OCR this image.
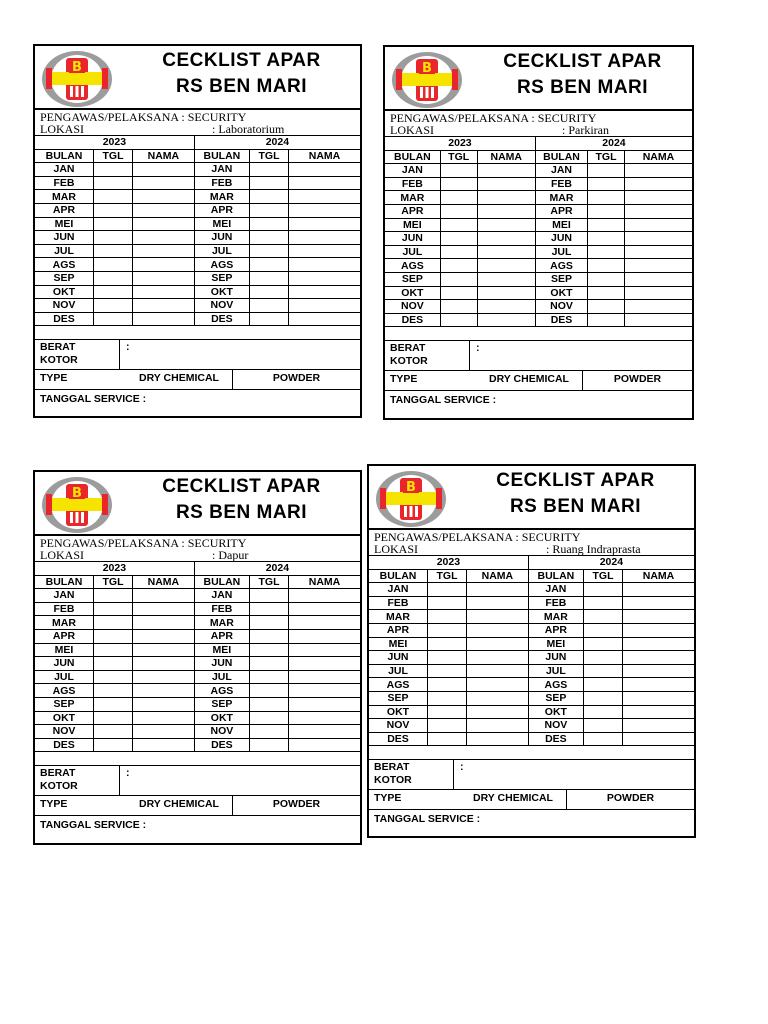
B	CECKLIST APAR
RS BEN MARI
PENGAWAS/PELAKSANA : SECURITY
LOKASI	: Laboratorium
2023			2024		
BULAN	TGL	NAMA	BULAN	TGL	NAMA
JAN			JAN		
FEB			FEB		
MAR			MAR		
APR			APR		
MEI			MEI		
JUN			JUN		
JUL			JUL		
AGS			AGS		
SEP			SEP		
OKT			OKT		
NOV			NOV		
DES			DES		

BERAT
KOTOR
:
TYPE	DRY CHEMICAL	POWDER
TANGGAL SERVICE :
B	CECKLIST APAR
RS BEN MARI
PENGAWAS/PELAKSANA : SECURITY
LOKASI	: Parkiran
2023			2024		
BULAN	TGL	NAMA	BULAN	TGL	NAMA
JAN			JAN		
FEB			FEB		
MAR			MAR		
APR			APR		
MEI			MEI		
JUN			JUN		
JUL			JUL		
AGS			AGS		
SEP			SEP		
OKT			OKT		
NOV			NOV		
DES			DES		

BERAT
KOTOR
:
TYPE	DRY CHEMICAL	POWDER
TANGGAL SERVICE :
B	CECKLIST APAR
RS BEN MARI
PENGAWAS/PELAKSANA : SECURITY
LOKASI	: Dapur
2023			2024		
BULAN	TGL	NAMA	BULAN	TGL	NAMA
JAN			JAN		
FEB			FEB		
MAR			MAR		
APR			APR		
MEI			MEI		
JUN			JUN		
JUL			JUL		
AGS			AGS		
SEP			SEP		
OKT			OKT		
NOV			NOV		
DES			DES		

BERAT
KOTOR
:
TYPE	DRY CHEMICAL	POWDER
TANGGAL SERVICE :
B	CECKLIST APAR
RS BEN MARI
PENGAWAS/PELAKSANA : SECURITY
LOKASI	: Ruang Indraprasta
2023			2024		
BULAN	TGL	NAMA	BULAN	TGL	NAMA
JAN			JAN		
FEB			FEB		
MAR			MAR		
APR			APR		
MEI			MEI		
JUN			JUN		
JUL			JUL		
AGS			AGS		
SEP			SEP		
OKT			OKT		
NOV			NOV		
DES			DES		

BERAT
KOTOR
:
TYPE	DRY CHEMICAL	POWDER
TANGGAL SERVICE :
